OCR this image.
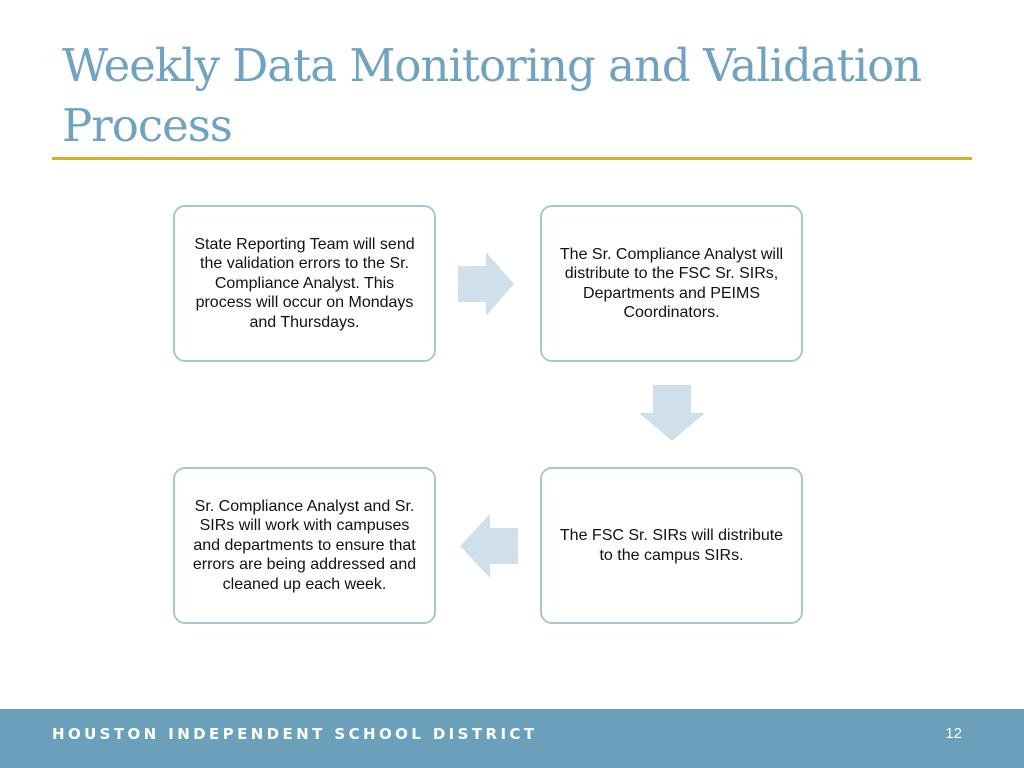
Weekly Data Monitoring and Validation Process
State Reporting Team will send the validation errors to the Sr. Compliance Analyst. This process will occur on Mondays and Thursdays.
The Sr. Compliance Analyst will distribute to the FSC Sr. SIRs, Departments and PEIMS Coordinators.
The FSC Sr. SIRs will distribute to the campus SIRs.
Sr. Compliance Analyst and Sr. SIRs will work with campuses and departments to ensure that errors are being addressed and cleaned up each week.
HOUSTON INDEPENDENT SCHOOL DISTRICT	12
